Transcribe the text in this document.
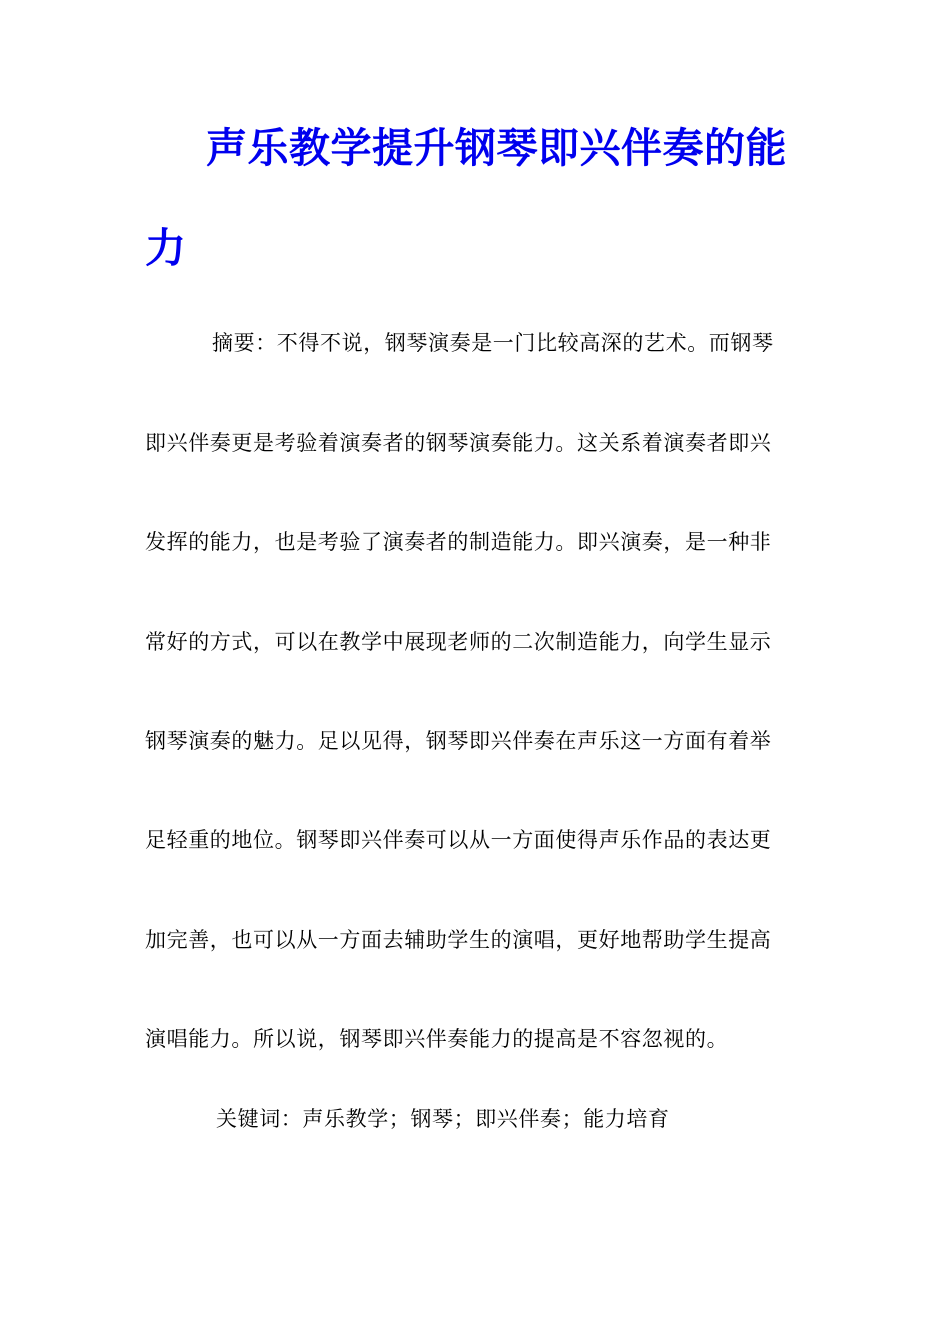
声乐教学提升钢琴即兴伴奏的能
力
摘要：不得不说，钢琴演奏是一门比较高深的艺术。而钢琴
即兴伴奏更是考验着演奏者的钢琴演奏能力。这关系着演奏者即兴
发挥的能力，也是考验了演奏者的制造能力。即兴演奏，是一种非
常好的方式，可以在教学中展现老师的二次制造能力，向学生显示
钢琴演奏的魅力。足以见得，钢琴即兴伴奏在声乐这一方面有着举
足轻重的地位。钢琴即兴伴奏可以从一方面使得声乐作品的表达更
加完善，也可以从一方面去辅助学生的演唱，更好地帮助学生提高
演唱能力。所以说，钢琴即兴伴奏能力的提高是不容忽视的。
关键词：声乐教学；钢琴；即兴伴奏；能力培育
